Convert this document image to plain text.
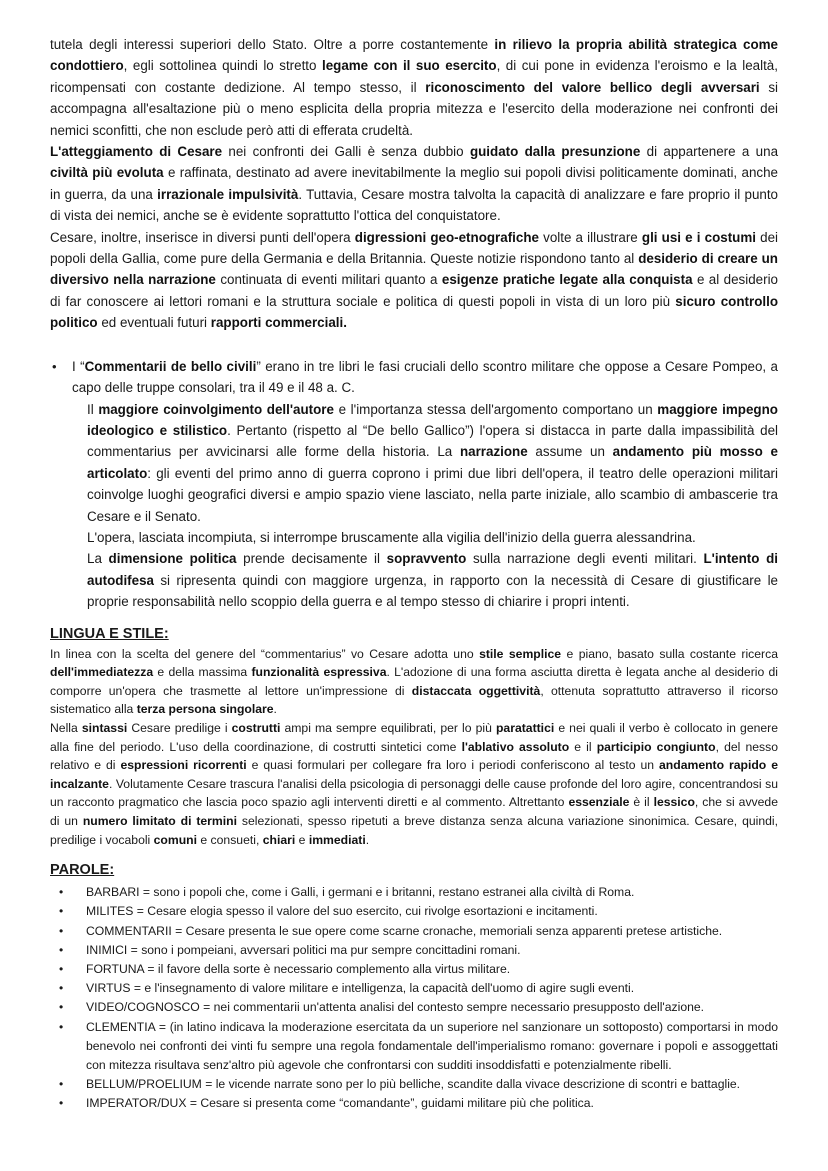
tutela degli interessi superiori dello Stato. Oltre a porre costantemente in rilievo la propria abilità strategica come condottiero, egli sottolinea quindi lo stretto legame con il suo esercito, di cui pone in evidenza l'eroismo e la lealtà, ricompensati con costante dedizione. Al tempo stesso, il riconoscimento del valore bellico degli avversari si accompagna all'esaltazione più o meno esplicita della propria mitezza e l'esercito della moderazione nei confronti dei nemici sconfitti, che non esclude però atti di efferata crudeltà.

L'atteggiamento di Cesare nei confronti dei Galli è senza dubbio guidato dalla presunzione di appartenere a una civiltà più evoluta e raffinata, destinato ad avere inevitabilmente la meglio sui popoli divisi politicamente dominati, anche in guerra, da una irrazionale impulsività. Tuttavia, Cesare mostra talvolta la capacità di analizzare e fare proprio il punto di vista dei nemici, anche se è evidente soprattutto l'ottica del conquistatore.

Cesare, inoltre, inserisce in diversi punti dell'opera digressioni geo-etnografiche volte a illustrare gli usi e i costumi dei popoli della Gallia, come pure della Germania e della Britannia. Queste notizie rispondono tanto al desiderio di creare un diversivo nella narrazione continuata di eventi militari quanto a esigenze pratiche legate alla conquista e al desiderio di far conoscere ai lettori romani e la struttura sociale e politica di questi popoli in vista di un loro più sicuro controllo politico ed eventuali futuri rapporti commerciali.

• I “Commentarii de bello civili” erano in tre libri le fasi cruciali dello scontro militare che oppose a Cesare Pompeo, a capo delle truppe consolari, tra il 49 e il 48 a. C.

Il maggiore coinvolgimento dell'autore e l'importanza stessa dell'argomento comportano un maggiore impegno ideologico e stilistico. Pertanto (rispetto al “De bello Gallico”) l'opera si distacca in parte dalla impassibilità del commentarius per avvicinarsi alle forme della historia. La narrazione assume un andamento più mosso e articolato: gli eventi del primo anno di guerra coprono i primi due libri dell'opera, il teatro delle operazioni militari coinvolge luoghi geografici diversi e ampio spazio viene lasciato, nella parte iniziale, allo scambio di ambascerie tra Cesare e il Senato.

L'opera, lasciata incompiuta, si interrompe bruscamente alla vigilia dell'inizio della guerra alessandrina.

La dimensione politica prende decisamente il sopravvento sulla narrazione degli eventi militari. L'intento di autodifesa si ripresenta quindi con maggiore urgenza, in rapporto con la necessità di Cesare di giustificare le proprie responsabilità nello scoppio della guerra e al tempo stesso di chiarire i propri intenti.

LINGUA E STILE:

In linea con la scelta del genere del “commentarius” vo Cesare adotta uno stile semplice e piano, basato sulla costante ricerca dell'immediatezza e della massima funzionalità espressiva. L'adozione di una forma asciutta diretta è legata anche al desiderio di comporre un'opera che trasmette al lettore un'impressione di distaccata oggettività, ottenuta soprattutto attraverso il ricorso sistematico alla terza persona singolare.

Nella sintassi Cesare predilige i costrutti ampi ma sempre equilibrati, per lo più paratattici e nei quali il verbo è collocato in genere alla fine del periodo. L'uso della coordinazione, di costrutti sintetici come l'ablativo assoluto e il participio congiunto, del nesso relativo e di espressioni ricorrenti e quasi formulari per collegare fra loro i periodi conferiscono al testo un andamento rapido e incalzante. Volutamente Cesare trascura l'analisi della psicologia di personaggi delle cause profonde del loro agire, concentrandosi su un racconto pragmatico che lascia poco spazio agli interventi diretti e al commento. Altrettanto essenziale è il lessico, che si avvede di un numero limitato di termini selezionati, spesso ripetuti a breve distanza senza alcuna variazione sinonimica. Cesare, quindi, predilige i vocaboli comuni e consueti, chiari e immediati.

PAROLE:
• BARBARI = sono i popoli che, come i Galli, i germani e i britanni, restano estranei alla civiltà di Roma.
• MILITES = Cesare elogia spesso il valore del suo esercito, cui rivolge esortazioni e incitamenti.
• COMMENTARII = Cesare presenta le sue opere come scarne cronache, memoriali senza apparenti pretese artistiche.
• INIMICI = sono i pompeiani, avversari politici ma pur sempre concittadini romani.
• FORTUNA = il favore della sorte è necessario complemento alla virtus militare.
• VIRTUS = e l'insegnamento di valore militare e intelligenza, la capacità dell'uomo di agire sugli eventi.
• VIDEO/COGNOSCO = nei commentarii un'attenta analisi del contesto sempre necessario presupposto dell'azione.
• CLEMENTIA = (in latino indicava la moderazione esercitata da un superiore nel sanzionare un sottoposto) comportarsi in modo benevolo nei confronti dei vinti fu sempre una regola fondamentale dell'imperialismo romano: governare i popoli e assoggettati con mitezza risultava senz'altro più agevole che confrontarsi con sudditi insoddisfatti e potenzialmente ribelli.
• BELLUM/PROELIUM = le vicende narrate sono per lo più belliche, scandite dalla vivace descrizione di scontri e battaglie.
• IMPERATOR/DUX = Cesare si presenta come “comandante”, guidami militare più che politica.
